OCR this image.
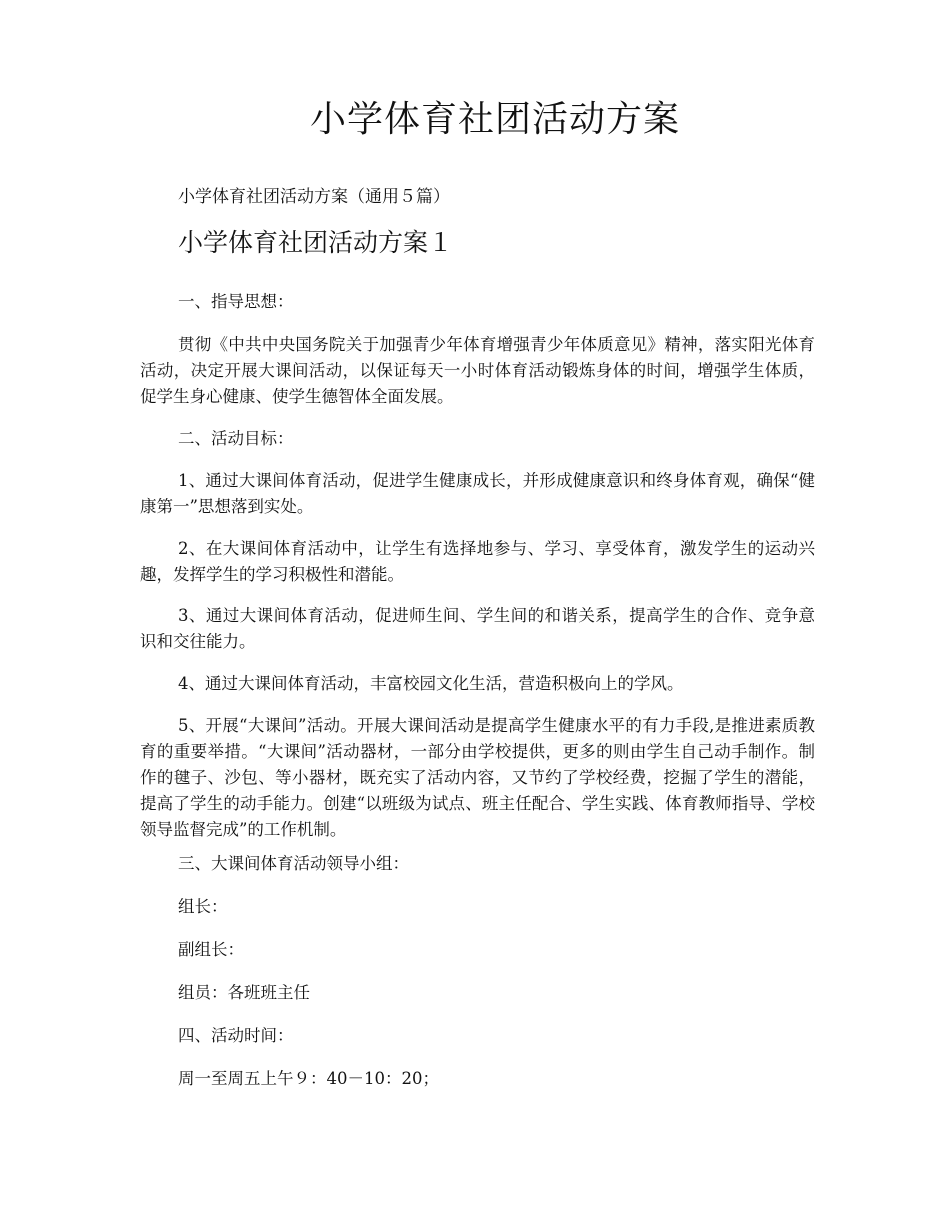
小学体育社团活动方案

小学体育社团活动方案（通用５篇）

小学体育社团活动方案１

一、指导思想：

贯彻《中共中央国务院关于加强青少年体育增强青少年体质意见》精神，落实阳光体育活动，决定开展大课间活动，以保证每天一小时体育活动锻炼身体的时间，增强学生体质，促学生身心健康、使学生德智体全面发展。

二、活动目标：

1、通过大课间体育活动，促进学生健康成长，并形成健康意识和终身体育观，确保“健康第一”思想落到实处。

2、在大课间体育活动中，让学生有选择地参与、学习、享受体育，激发学生的运动兴趣，发挥学生的学习积极性和潜能。

3、通过大课间体育活动，促进师生间、学生间的和谐关系，提高学生的合作、竞争意识和交往能力。

4、通过大课间体育活动，丰富校园文化生活，营造积极向上的学风。

5、开展“大课间”活动。开展大课间活动是提高学生健康水平的有力手段,是推进素质教育的重要举措。“大课间”活动器材，一部分由学校提供，更多的则由学生自己动手制作。制作的毽子、沙包、等小器材，既充实了活动内容，又节约了学校经费，挖掘了学生的潜能，提高了学生的动手能力。创建“以班级为试点、班主任配合、学生实践、体育教师指导、学校领导监督完成”的工作机制。

三、大课间体育活动领导小组：

组长：

副组长：

组员：各班班主任

四、活动时间：

周一至周五上午９：40－10：20；
